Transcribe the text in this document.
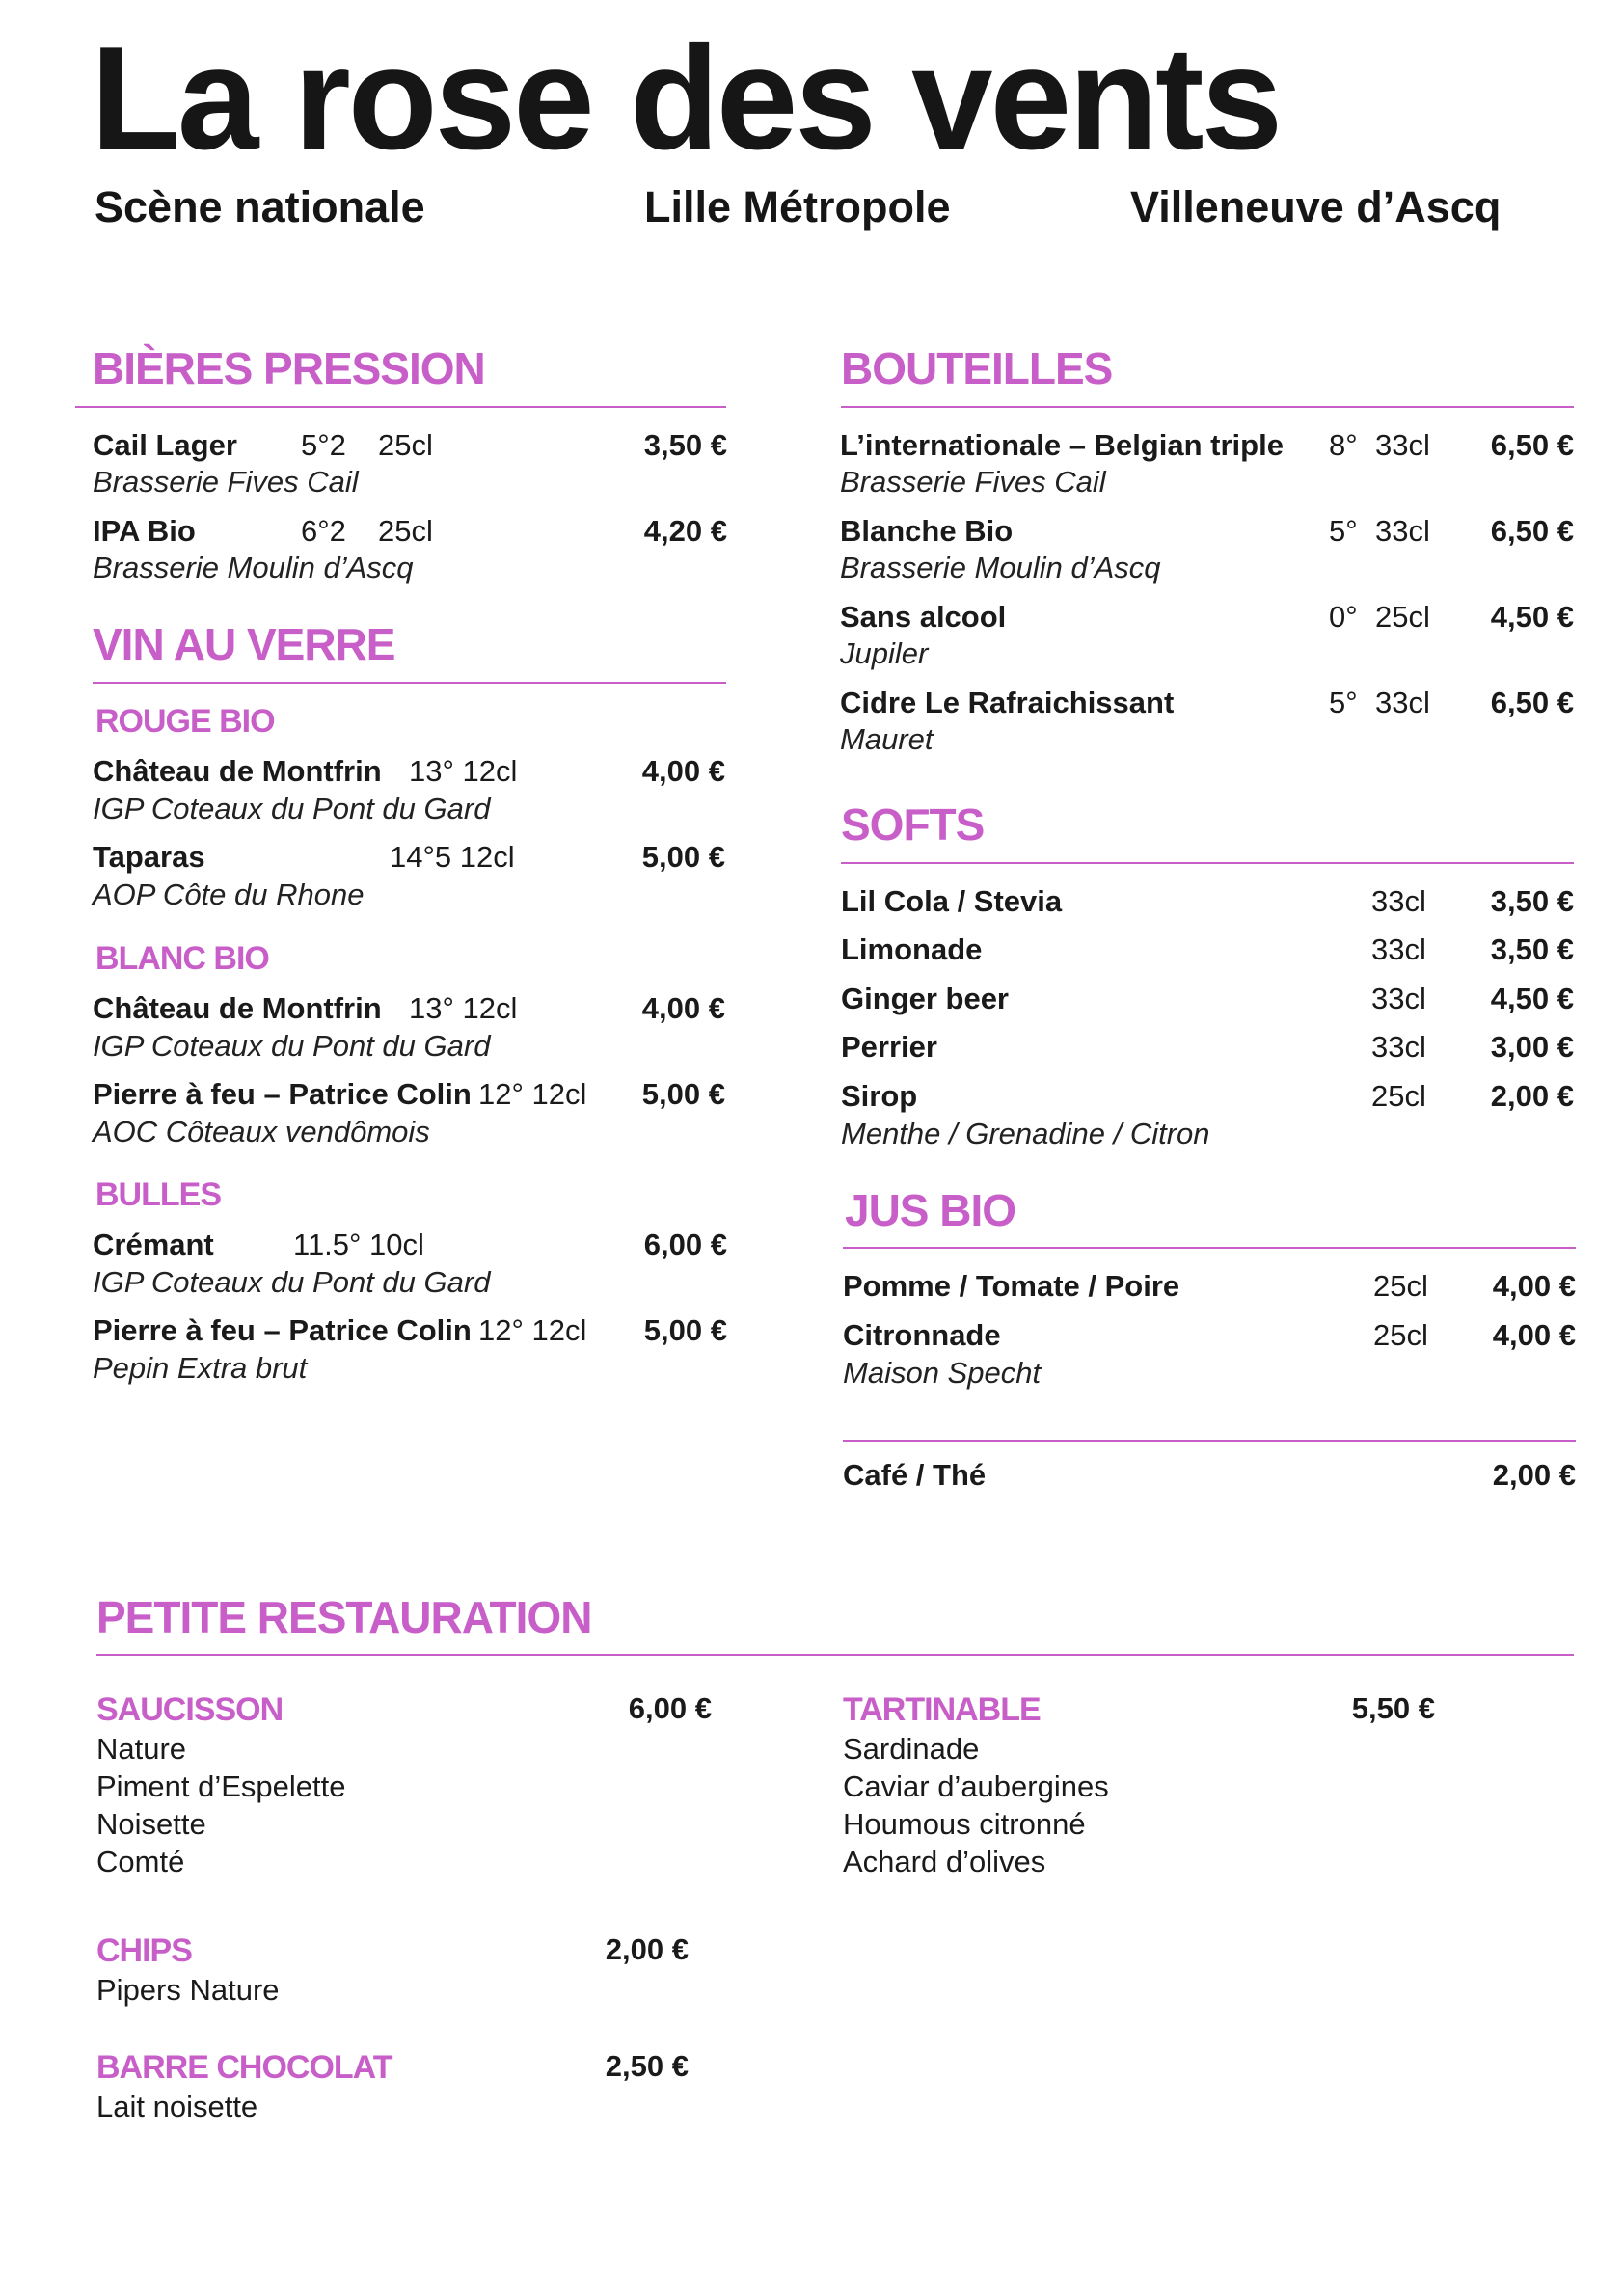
La rose des vents
Scène nationale	Lille Métropole	Villeneuve d’Ascq
BIÈRES PRESSION
Cail Lager 5°2 25cl	3,50 €
Brasserie Fives Cail
IPA Bio	6°2 25cl	4,20 €
Brasserie Moulin d’Ascq
VIN AU VERRE
ROUGE BIO
Château de Montfrin 13° 12cl	4,00 €
IGP Coteaux du Pont du Gard
Taparas	14°5 12cl	5,00 €
AOP Côte du Rhone
BLANC BIO
Château de Montfrin 13° 12cl	4,00 €
IGP Coteaux du Pont du Gard
Pierre à feu – Patrice Colin 12° 12cl	5,00 €
AOC Côteaux vendômois
BULLES
Crémant	11.5° 10cl	6,00 €
IGP Coteaux du Pont du Gard
Pierre à feu – Patrice Colin 12° 12cl	5,00 €
Pepin Extra brut
BOUTEILLES
L’internationale – Belgian triple 8° 33cl	6,50 €
Brasserie Fives Cail
Blanche Bio	5° 33cl	6,50 €
Brasserie Moulin d’Ascq
Sans alcool	0° 25cl	4,50 €
Jupiler
Cidre Le Rafraichissant	5° 33cl	6,50 €
Mauret
SOFTS
Lil Cola / Stevia	33cl	3,50 €
Limonade	33cl	3,50 €
Ginger beer	33cl	4,50 €
Perrier	33cl	3,00 €
Sirop	25cl	2,00 €
Menthe / Grenadine / Citron
JUS BIO
Pomme / Tomate / Poire	25cl	4,00 €
Citronnade	25cl	4,00 €
Maison Specht
Café / Thé	2,00 €
PETITE RESTAURATION
SAUCISSON	6,00 €
Nature
Piment d’Espelette
Noisette
Comté
TARTINABLE	5,50 €
Sardinade
Caviar d’aubergines
Houmous citronné
Achard d’olives
CHIPS	2,00 €
Pipers Nature
BARRE CHOCOLAT	2,50 €
Lait noisette
